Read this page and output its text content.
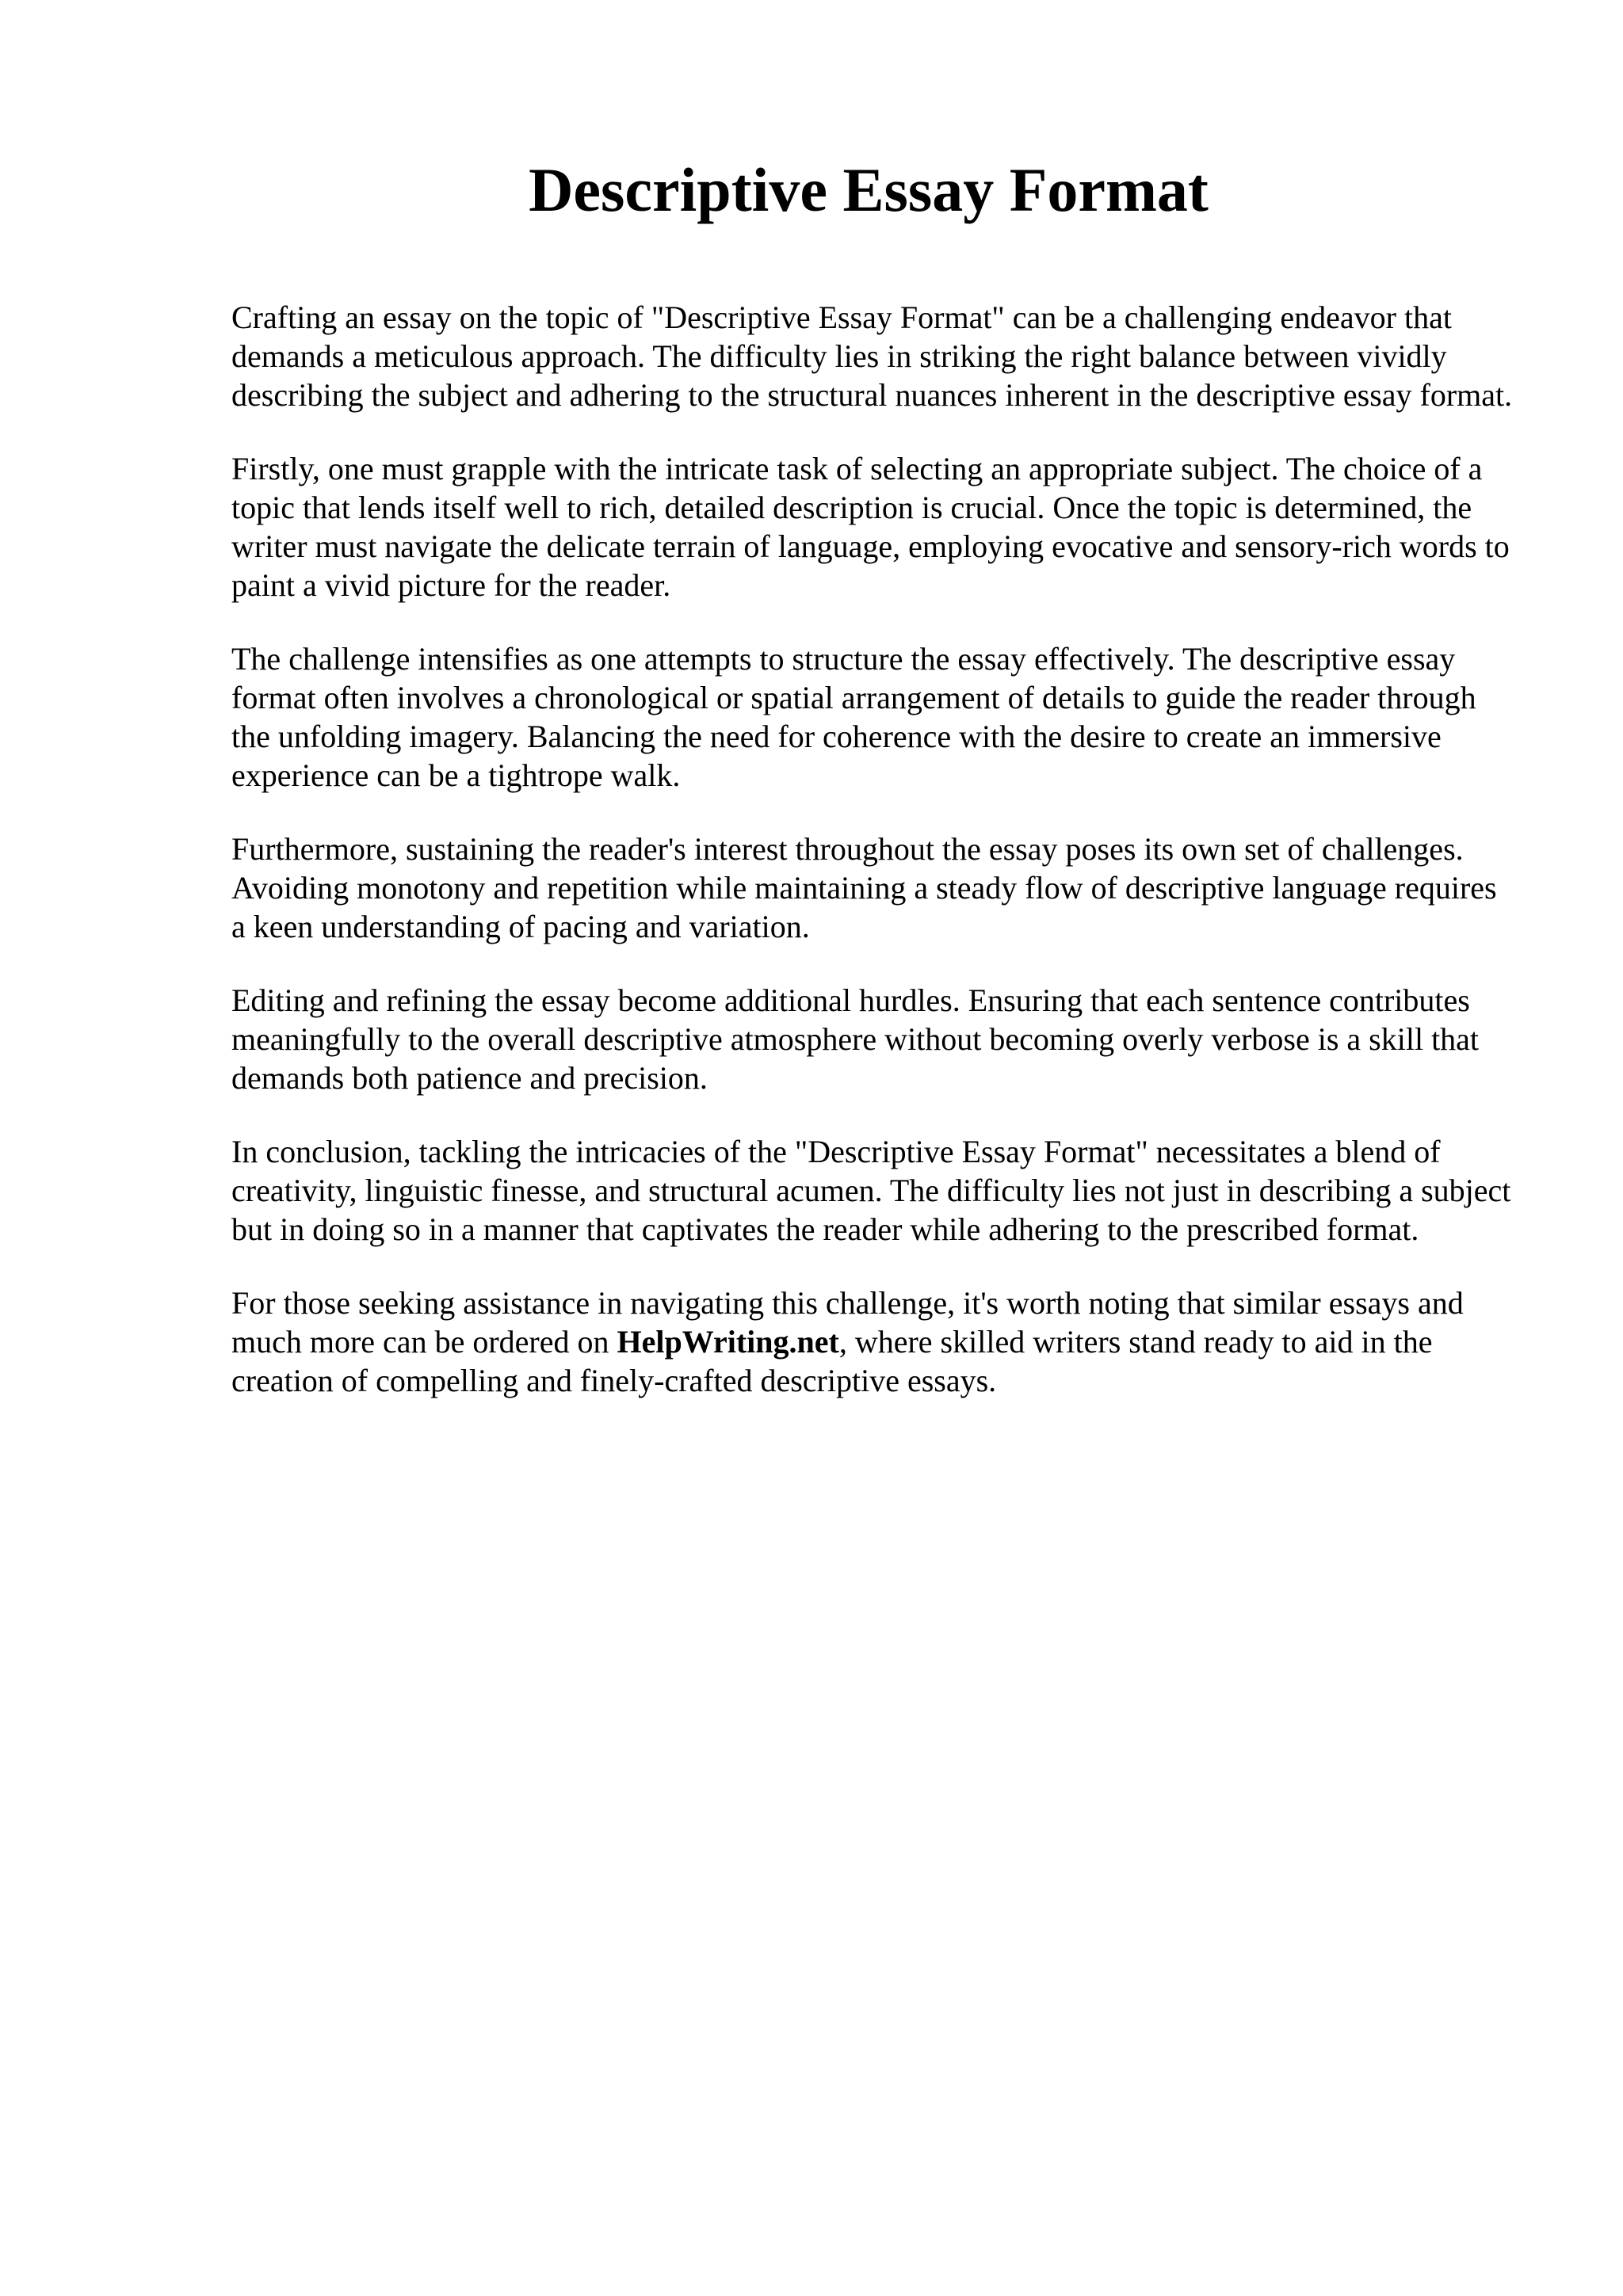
Descriptive Essay Format

Crafting an essay on the topic of "Descriptive Essay Format" can be a challenging endeavor that demands a meticulous approach. The difficulty lies in striking the right balance between vividly describing the subject and adhering to the structural nuances inherent in the descriptive essay format.

Firstly, one must grapple with the intricate task of selecting an appropriate subject. The choice of a topic that lends itself well to rich, detailed description is crucial. Once the topic is determined, the writer must navigate the delicate terrain of language, employing evocative and sensory-rich words to paint a vivid picture for the reader.

The challenge intensifies as one attempts to structure the essay effectively. The descriptive essay format often involves a chronological or spatial arrangement of details to guide the reader through the unfolding imagery. Balancing the need for coherence with the desire to create an immersive experience can be a tightrope walk.

Furthermore, sustaining the reader's interest throughout the essay poses its own set of challenges. Avoiding monotony and repetition while maintaining a steady flow of descriptive language requires a keen understanding of pacing and variation.

Editing and refining the essay become additional hurdles. Ensuring that each sentence contributes meaningfully to the overall descriptive atmosphere without becoming overly verbose is a skill that demands both patience and precision.

In conclusion, tackling the intricacies of the "Descriptive Essay Format" necessitates a blend of creativity, linguistic finesse, and structural acumen. The difficulty lies not just in describing a subject but in doing so in a manner that captivates the reader while adhering to the prescribed format.

For those seeking assistance in navigating this challenge, it's worth noting that similar essays and much more can be ordered on HelpWriting.net, where skilled writers stand ready to aid in the creation of compelling and finely-crafted descriptive essays.
